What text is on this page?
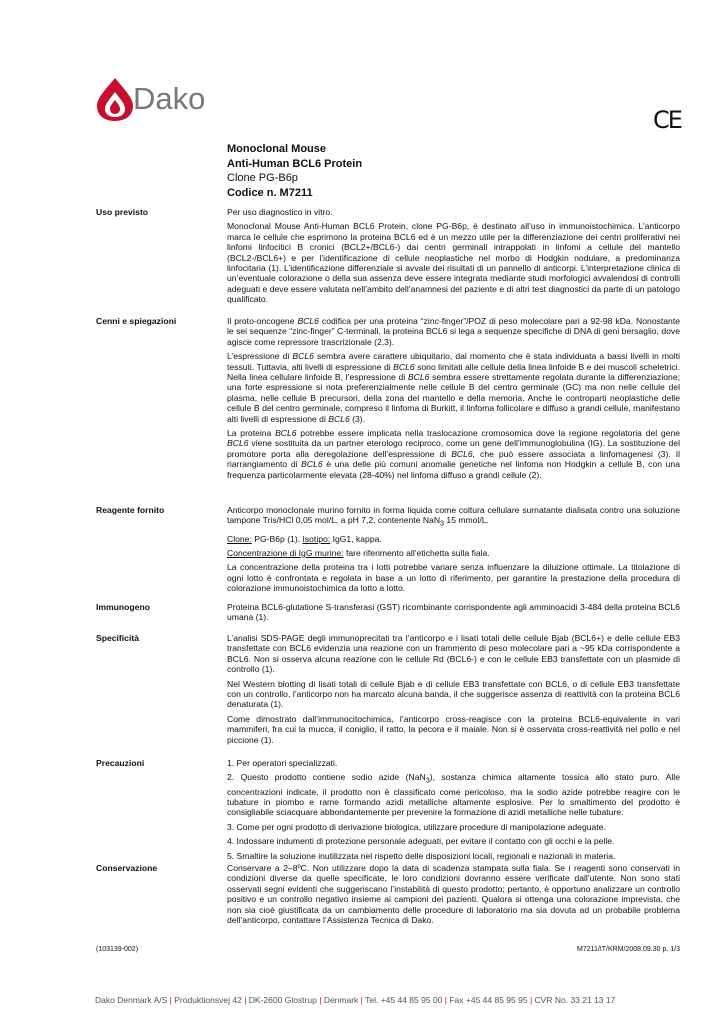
Dako
CE
Monoclonal Mouse
Anti-Human BCL6 Protein
Clone PG-B6p
Codice n. M7211
Uso previsto	Per uso diagnostico in vitro.

Monoclonal Mouse Anti-Human BCL6 Protein, clone PG-B6p, è destinato all’uso in immunoistochimica. L’anticorpo marca le cellule che esprimono la proteina BCL6 ed è un mezzo utile per la differenziazione dei centri proliferativi nei linfomi linfocitici B cronici (BCL2+/BCL6-) dai centri germinali intrappolati in linfomi a cellule del mantello (BCL2-/BCL6+) e per l’identificazione di cellule neoplastiche nel morbo di Hodgkin nodulare, a predominanza linfocitaria (1). L’identificazione differenziale si avvale dei risultati di un pannello di anticorpi. L’interpretazione clinica di un’eventuale colorazione o della sua assenza deve essere integrata mediante studi morfologici avvalendosi di controlli adeguati e deve essere valutata nell’ambito dell’anamnesi del paziente e di altri test diagnostici da parte di un patologo qualificato.

Cenni e spiegazioni	Il proto-oncogene BCL6 codifica per una proteina “zinc-finger”/POZ di peso molecolare pari a 92-98 kDa. Nonostante le sei sequenze “zinc-finger” C-terminali, la proteina BCL6 si lega a sequenze specifiche di DNA di geni bersaglio, dove agisce come repressore trascrizionale (2,3).

L’espressione di BCL6 sembra avere carattere ubiquitario, dal momento che è stata individuata a bassi livelli in molti tessuti. Tuttavia, alti livelli di espressione di BCL6 sono limitati alle cellule della linea linfoide B e dei muscoli scheletrici. Nella linea cellulare linfoide B, l’espressione di BCL6 sembra essere strettamente regolata durante la differenziazione; una forte espressione si nota preferenzialmente nelle cellule B del centro germinale (GC) ma non nelle cellule del plasma, nelle cellule B precursori, della zona del mantello e della memoria. Anche le controparti neoplastiche delle cellule B del centro germinale, compreso il linfoma di Burkitt, il linfoma follicolare e diffuso a grandi cellule, manifestano alti livelli di espressione di BCL6 (3).

La proteina BCL6 potrebbe essere implicata nella traslocazione cromosomica dove la regione regolatoria del gene BCL6 viene sostituita da un partner eterologo reciproco, come un gene dell’immunoglobulina (IG). La sostituzione del promotore porta alla deregolazione dell’espressione di BCL6, che può essere associata a linfomagenesi (3). Il riarrangiamento di BCL6 è una delle più comuni anomalie genetiche nel linfoma non Hodgkin a cellule B, con una frequenza particolarmente elevata (28-40%) nel linfoma diffuso a grandi cellule (2).

Reagente fornito	Anticorpo monoclonale murino fornito in forma liquida come coltura cellulare surnatante dialisata contro una soluzione tampone Tris/HCl 0,05 mol/L, a pH 7,2, contenente NaN$_3$ 15 mmol/L.

Clone: PG-B6p (1). Isotipo: IgG1, kappa.

Concentrazione di IgG murine: fare riferimento all’etichetta sulla fiala.

La concentrazione della proteina tra i lotti potrebbe variare senza influenzare la diluizione ottimale. La titolazione di ogni lotto è confrontata e regolata in base a un lotto di riferimento, per garantire la prestazione della procedura di colorazione immunoistochimica da lotto a lotto.

Immunogeno	Proteina BCL6-glutatione S-transferasi (GST) ricombinante corrispondente agli amminoacidi 3-484 della proteina BCL6 umana (1).

Specificità	L’analisi SDS-PAGE degli immunoprecitati tra l’anticorpo e i lisati totali delle cellule Bjab (BCL6+) e delle cellule EB3 transfettate con BCL6 evidenzia una reazione con un frammento di peso molecolare pari a ~95 kDa corrispondente a BCL6. Non si osserva alcuna reazione con le cellule Rd (BCL6-) e con le cellule EB3 transfettate con un plasmide di controllo (1).

Nel Western blotting di lisati totali di cellule Bjab e di cellule EB3 transfettate con BCL6, o di cellule EB3 transfettate con un controllo, l’anticorpo non ha marcato alcuna banda, il che suggerisce assenza di reattività con la proteina BCL6 denaturata (1).

Come dimostrato dall’immunocitochimica, l’anticorpo cross-reagisce con la proteina BCL6-equivalente in vari mammiferi, fra cui la mucca, il coniglio, il ratto, la pecora e il maiale. Non si è osservata cross-reattività nel pollo e nel piccione (1).

Precauzioni	1. Per operatori specializzati.

2. Questo prodotto contiene sodio azide (NaN$_3$), sostanza chimica altamente tossica allo stato puro. Alle concentrazioni indicate, il prodotto non è classificato come pericoloso, ma la sodio azide potrebbe reagire con le tubature in piombo e rame formando azidi metalliche altamente esplosive. Per lo smaltimento del prodotto è consigliabile sciacquare abbondantemente per prevenire la formazione di azidi metalliche nelle tubature.

3. Come per ogni prodotto di derivazione biologica, utilizzare procedure di manipolazione adeguate.

4. Indossare indumenti di protezione personale adeguati, per evitare il contatto con gli occhi e la pelle.

5. Smaltire la soluzione inutilizzata nel rispetto delle disposizioni locali, regionali e nazionali in materia.

Conservazione	Conservare a 2–8ºC. Non utilizzare dopo la data di scadenza stampata sulla fiala. Se i reagenti sono conservati in condizioni diverse da quelle specificate, le loro condizioni dovranno essere verificate dall’utente. Non sono stati osservati segni evidenti che suggeriscano l’instabilità di questo prodotto; pertanto, è opportuno analizzare un controllo positivo e un controllo negativo insieme ai campioni dei pazienti. Qualora si ottenga una colorazione imprevista, che non sia cioè giustificata da un cambiamento delle procedure di laboratorio ma sia dovuta ad un probabile problema dell’anticorpo, contattare l’Assistenza Tecnica di Dako.

(103139-002)	M7211/IT/KRM/2008.09.30 p. 1/3
Dako Denmark A/S | Produktionsvej 42 | DK-2600 Glostrup | Denmark | Tel. +45 44 85 95 00 | Fax +45 44 85 95 95 | CVR No. 33 21 13 17
